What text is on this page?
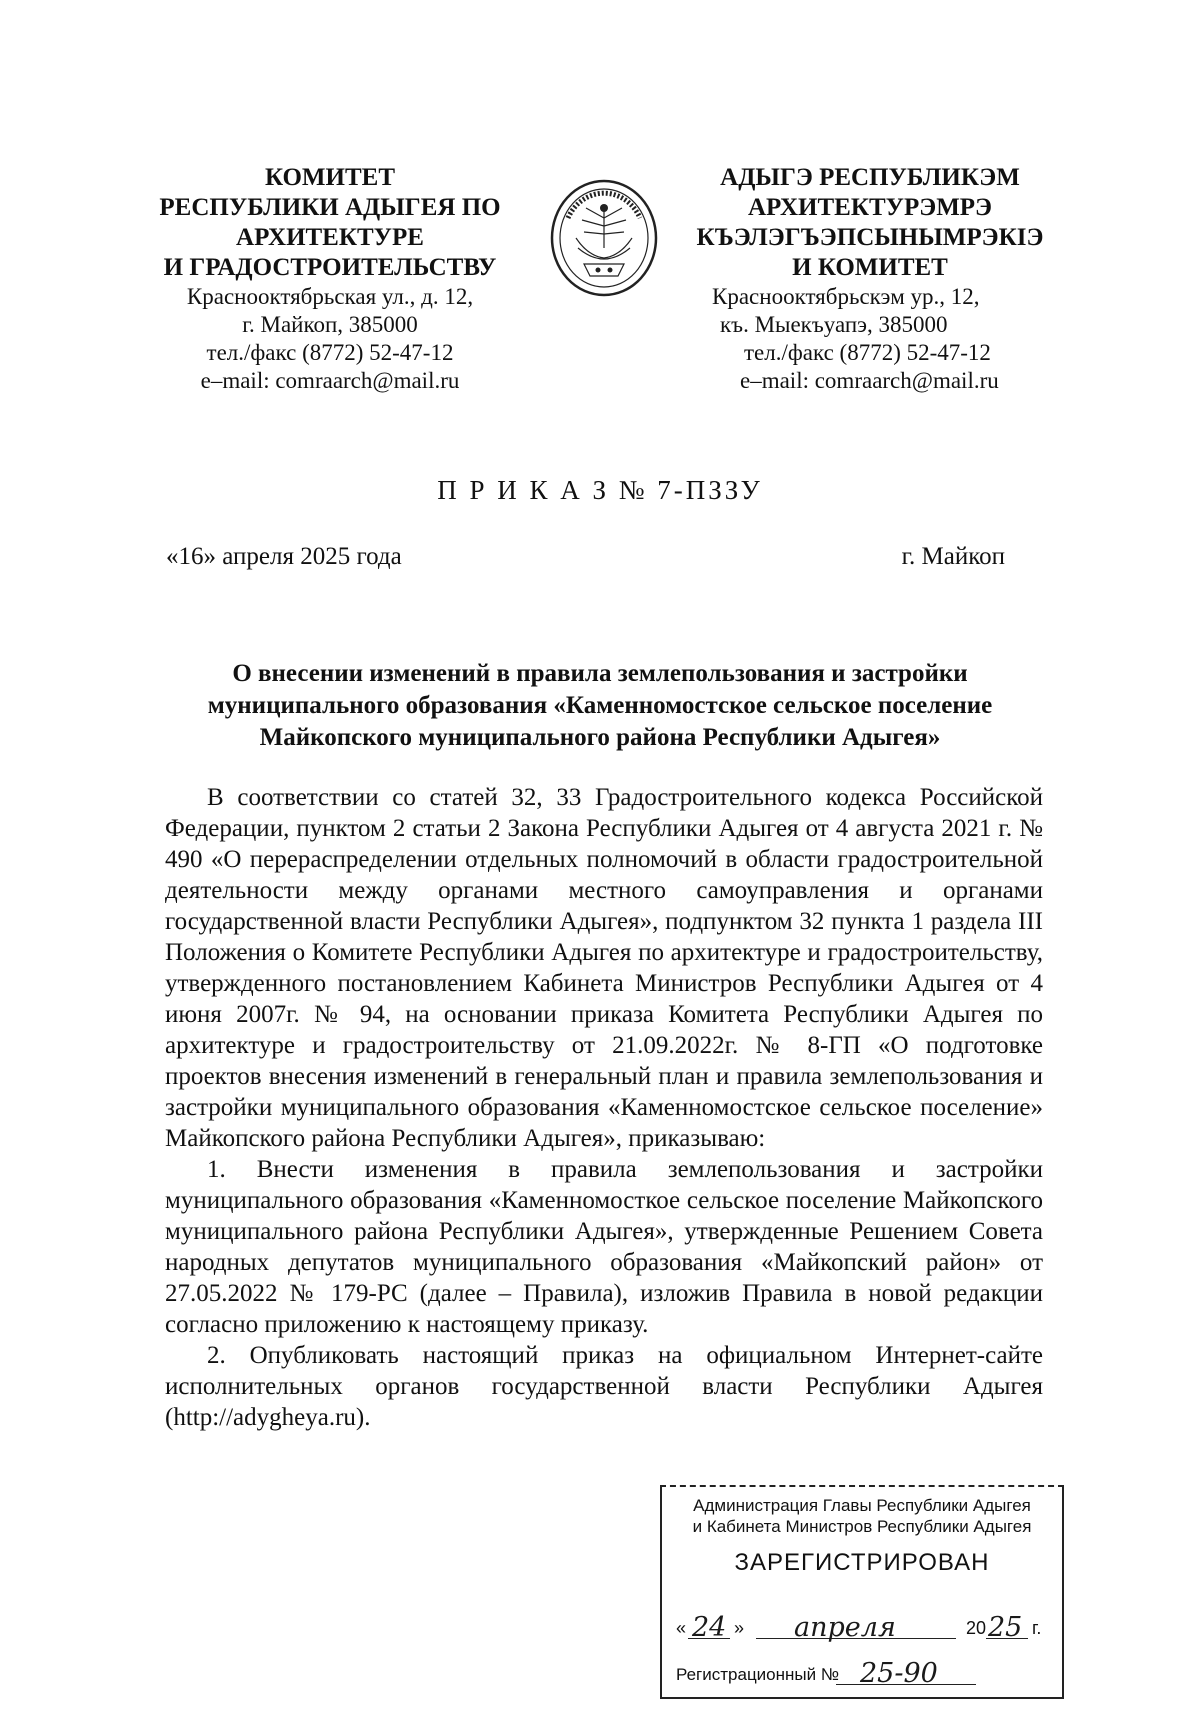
КОМИТЕТ

РЕСПУБЛИКИ АДЫГЕЯ ПО

АРХИТЕКТУРЕ

И ГРАДОСТРОИТЕЛЬСТВУ

Краснооктябрьская ул., д. 12,

г. Майкоп, 385000

тел./факс (8772) 52-47-12

e–mail: comraarch@mail.ru

АДЫГЭ РЕСПУБЛИКЭМ

АРХИТЕКТУРЭМРЭ

КЪЭЛЭГЪЭПСЫНЫМРЭКIЭ

И КОМИТЕТ

Краснооктябрьскэм ур., 12,

къ. Мыекъуапэ, 385000

тел./факс (8772) 52-47-12

e–mail: comraarch@mail.ru

П Р И К А З № 7-ПЗЗУ
«16» апреля 2025 года	г. Майкоп
О внесении изменений в правила землепользования и застройки
муниципального образования «Каменномостское сельское поселение
Майкопского муниципального района Республики Адыгея»

В соответствии со статей 32, 33 Градостроительного кодекса Российской Федерации, пунктом 2 статьи 2 Закона Республики Адыгея от 4 августа 2021 г. № 490 «О перераспределении отдельных полномочий в области градостроительной деятельности между органами местного самоуправления и органами государственной власти Республики Адыгея», подпунктом 32 пункта 1 раздела III Положения о Комитете Республики Адыгея по архитектуре и градостроительству, утвержденного постановлением Кабинета Министров Республики Адыгея от 4 июня 2007г. № 94, на основании приказа Комитета Республики Адыгея по архитектуре и градостроительству от 21.09.2022г. № 8-ГП «О подготовке проектов внесения изменений в генеральный план и правила землепользования и застройки муниципального образования «Каменномостское сельское поселение» Майкопского района Республики Адыгея», приказываю:

1. Внести изменения в правила землепользования и застройки муниципального образования «Каменномосткое сельское поселение Майкопского муниципального района Республики Адыгея», утвержденные Решением Совета народных депутатов муниципального образования «Майкопский район» от 27.05.2022 № 179-РС (далее – Правила), изложив Правила в новой редакции согласно приложению к настоящему приказу.

2. Опубликовать настоящий приказ на официальном Интернет-сайте исполнительных органов государственной власти Республики Адыгея (http://adygheya.ru).

Администрация Главы Республики Адыгея
и Кабинета Министров Республики Адыгея
ЗАРЕГИСТРИРОВАН
« 24 » апреля	20 25 г.
Регистрационный № 25-90
